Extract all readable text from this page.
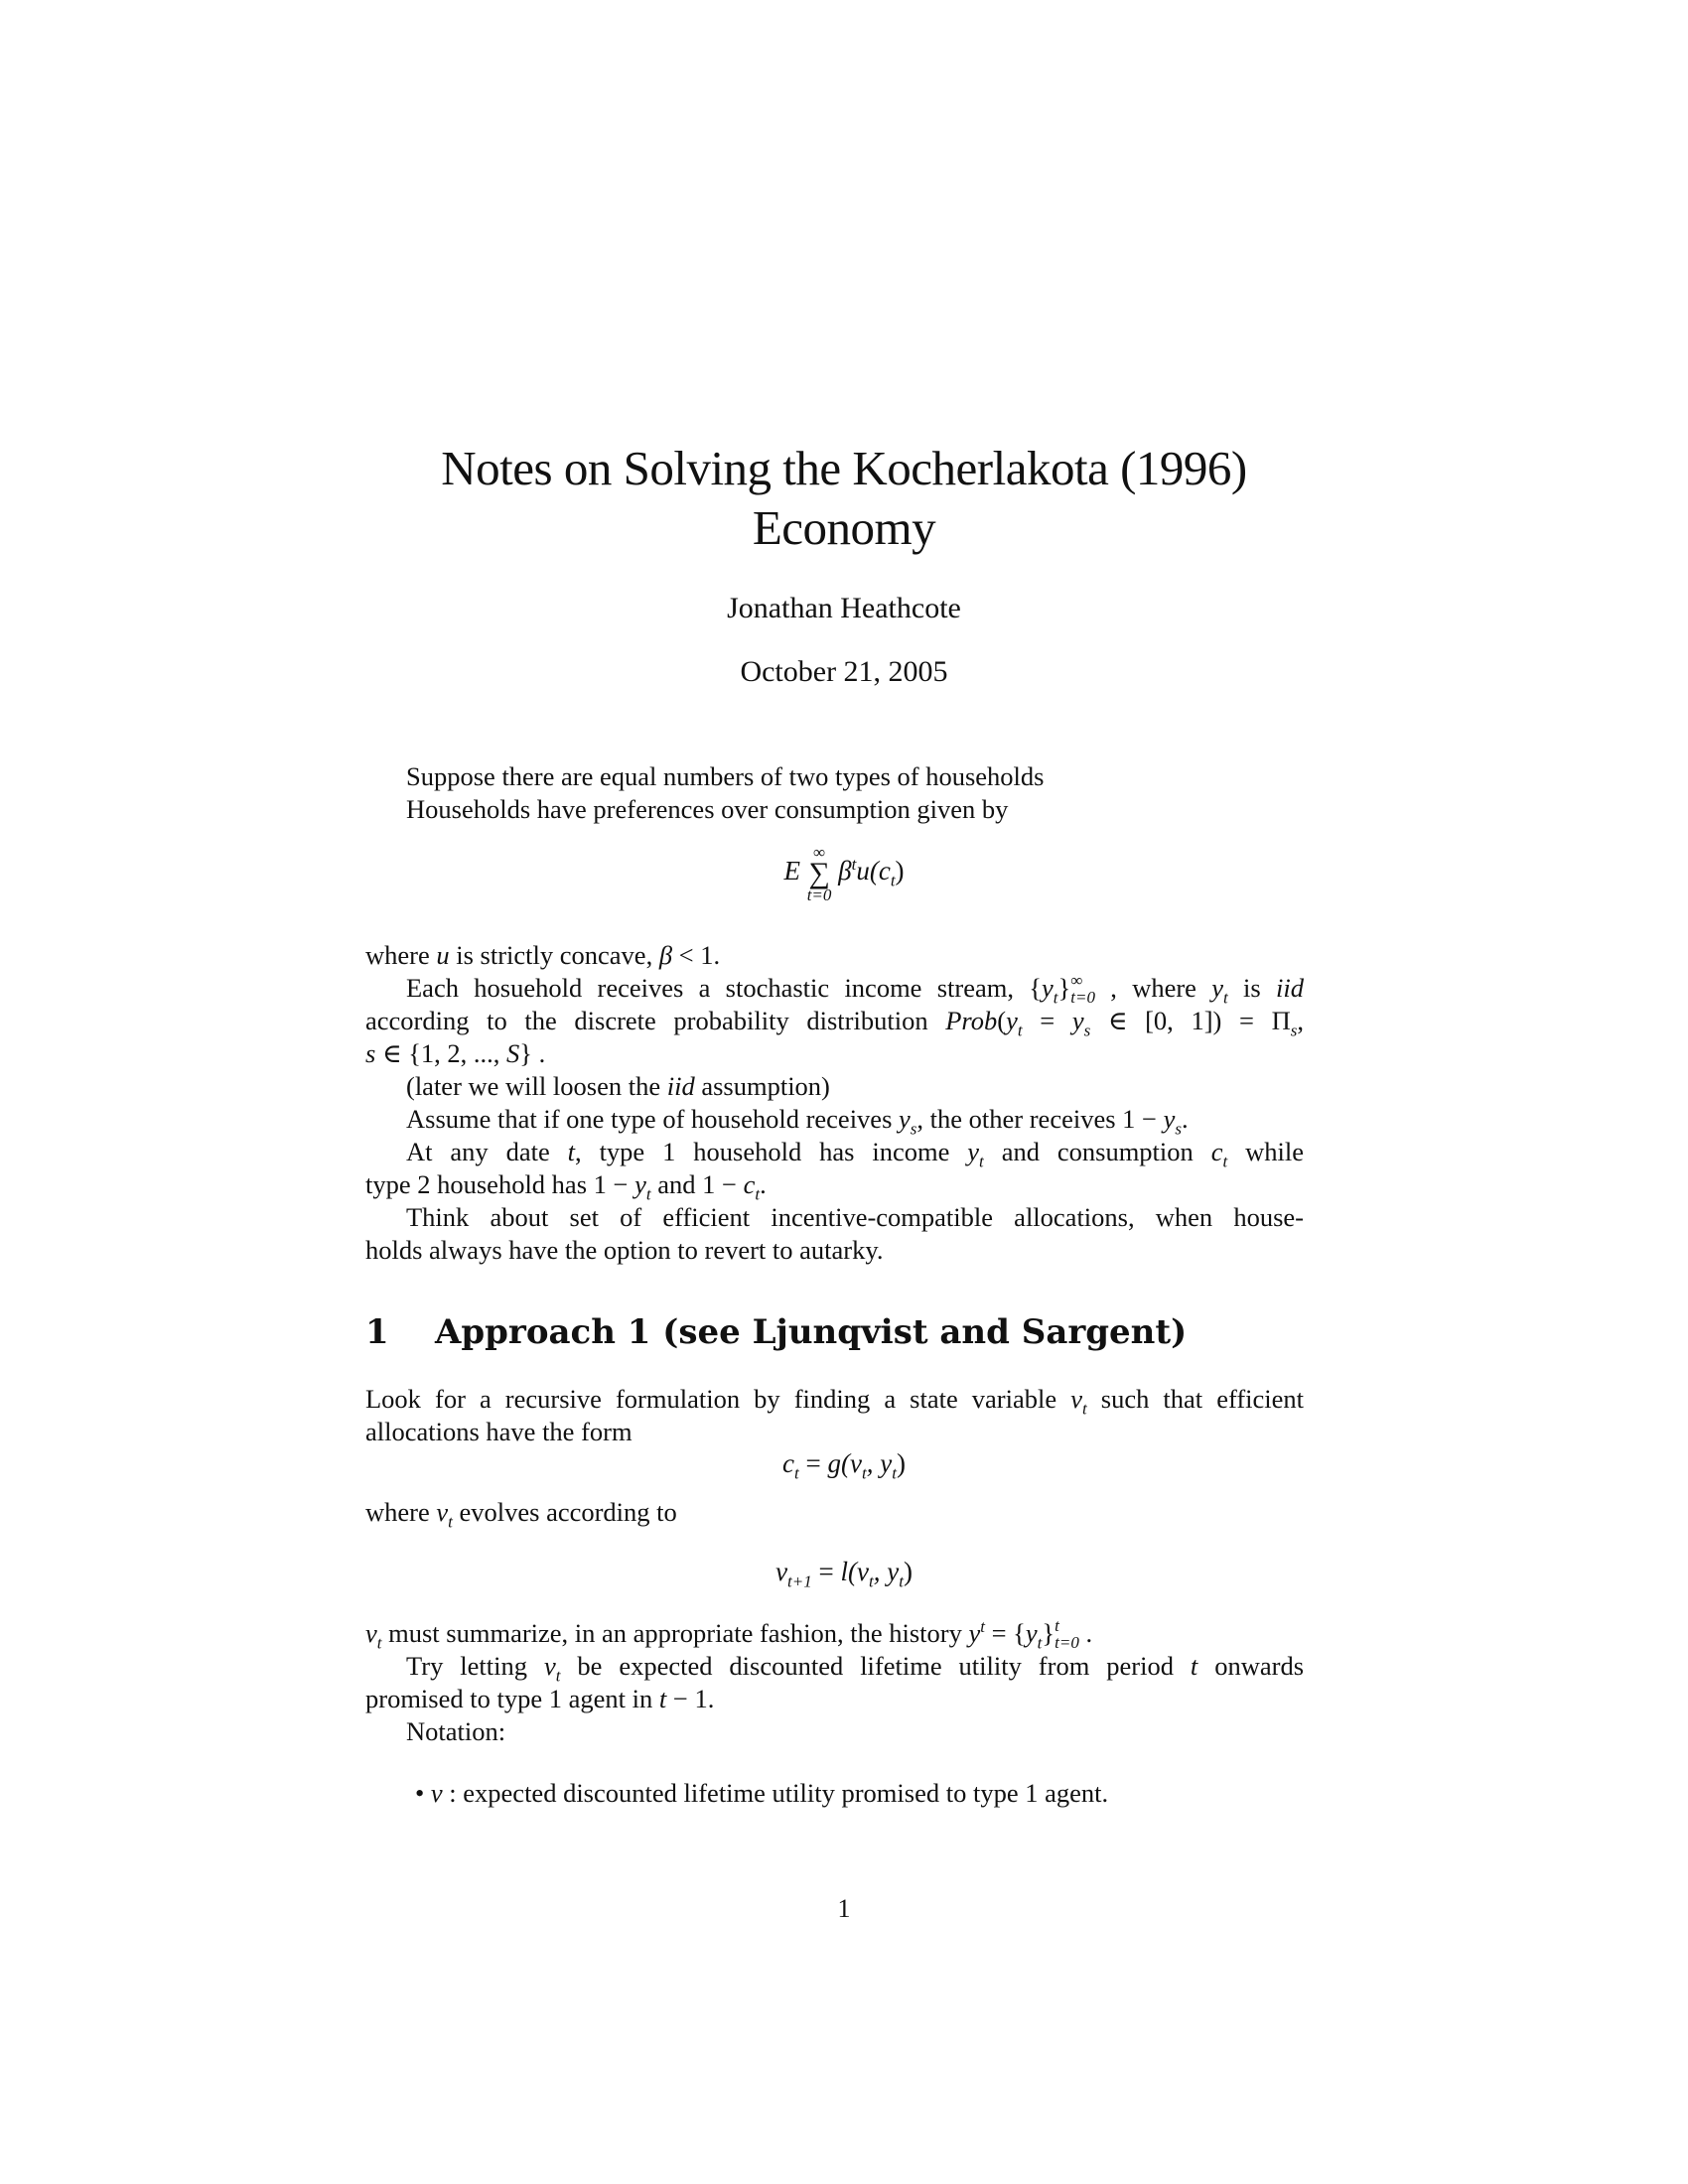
Notes on Solving the Kocherlakota (1996)
Economy
Jonathan Heathcote
October 21, 2005
Suppose there are equal numbers of two types of households
Households have preferences over consumption given by
E
∞
∑
t=0
$\beta^tu(c_t)$
where u is strictly concave, β < 1.
Each hosuehold receives a stochastic income stream, $\{y_t\}$ ∞
t=0 , where $y_t$ is iid
according to the discrete probability distribution $Prob(y_t = y_s$ ∈ [0, $1]) = \Pi_s$,
s ∈ {1, 2, ..., S} .
(later we will loosen the iid assumption)
Assume that if one type of household receives $y_s$, the other receives $1 - y_s$.
At any date t, type 1 household has income $y_t$ and consumption $c_t$ while
type 2 household has $1 - y_t$ and $1 - c_t$.
Think about set of efficient incentive-compatible allocations, when house-
holds always have the option to revert to autarky.
1 Approach 1 (see Ljunqvist and Sargent)
Look for a recursive formulation by finding a state variable $v_t$ such that efficient
allocations have the form
$c_t = g(v_t$, $y_t$)
where $v_t$ evolves according to
$v_{t+1} = l(v_t$, $y_t$)
$v_t$ must summarize, in an appropriate fashion, the history $y^t = \{y_t\}$ t
t=0 .
Try letting $v_t$ be expected discounted lifetime utility from period t onwards
promised to type 1 agent in t − 1.
Notation:
• v : expected discounted lifetime utility promised to type 1 agent.
1
